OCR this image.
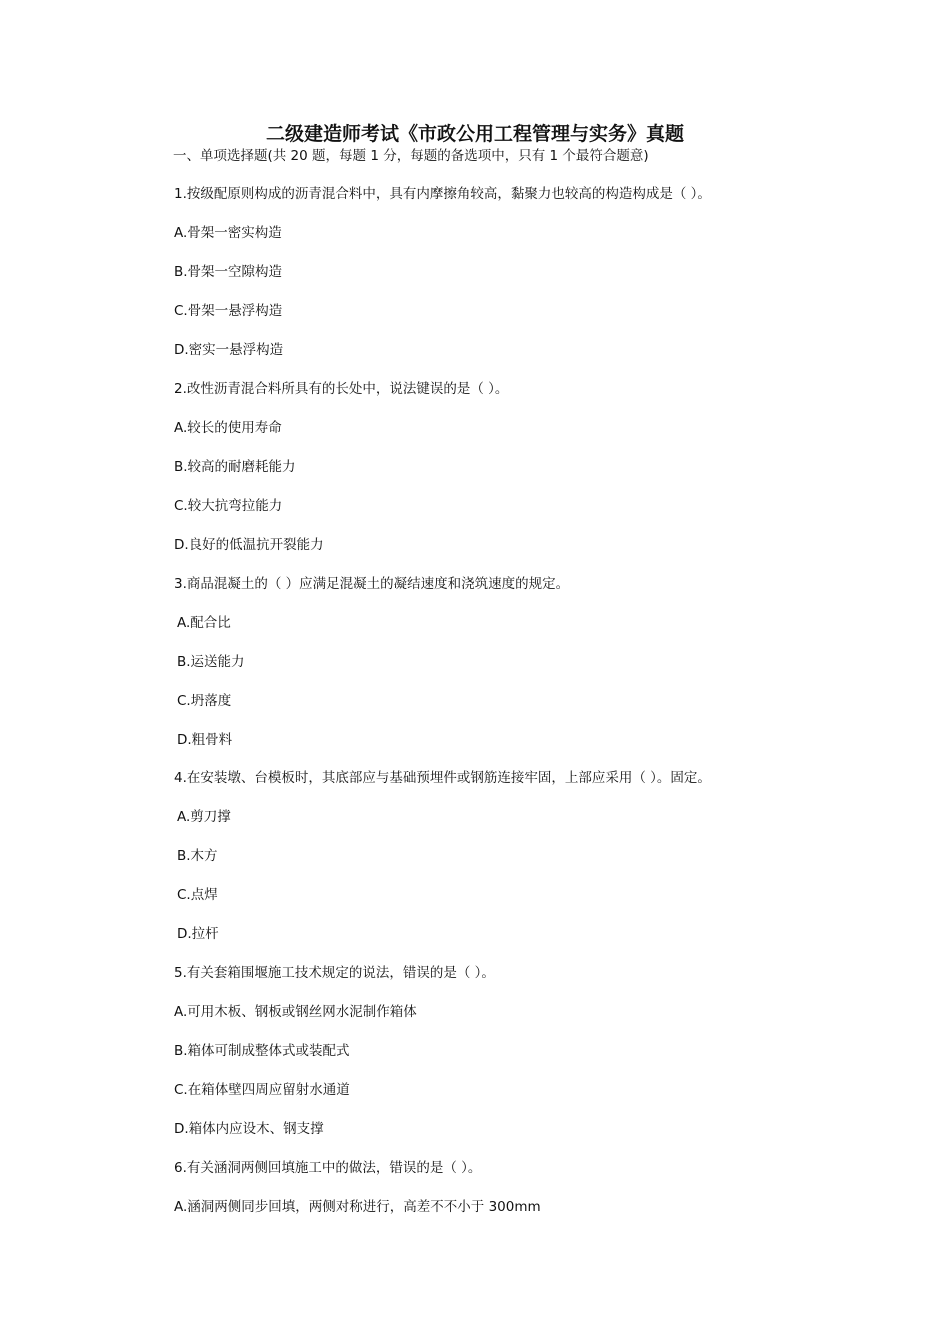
二级建造师考试《市政公用工程管理与实务》真题
一、单项选择题(共 20 题，每题 1 分，每题的备选项中，只有 1 个最符合题意)
1.按级配原则构成的沥青混合料中，具有内摩擦角较高，黏聚力也较高的构造构成是（ ）。
A.骨架一密实构造
B.骨架一空隙构造
C.骨架一悬浮构造
D.密实一悬浮构造
2.改性沥青混合料所具有的长处中，说法键误的是（ ）。
A.较长的使用寿命
B.较高的耐磨耗能力
C.较大抗弯拉能力
D.良好的低温抗开裂能力
3.商品混凝土的（ ）应满足混凝土的凝结速度和浇筑速度的规定。
A.配合比
B.运送能力
C.坍落度
D.粗骨料
4.在安装墩、台模板时，其底部应与基础预埋件或钢筋连接牢固，上部应采用（ ）。固定。
A.剪刀撑
B.木方
C.点焊
D.拉杆
5.有关套箱围堰施工技术规定的说法，错误的是（ ）。
A.可用木板、钢板或钢丝网水泥制作箱体
B.箱体可制成整体式或装配式
C.在箱体壁四周应留射水通道
D.箱体内应设木、钢支撑
6.有关涵洞两侧回填施工中的做法，错误的是（ ）。
A.涵洞两侧同步回填，两侧对称进行，高差不不小于 300mm
